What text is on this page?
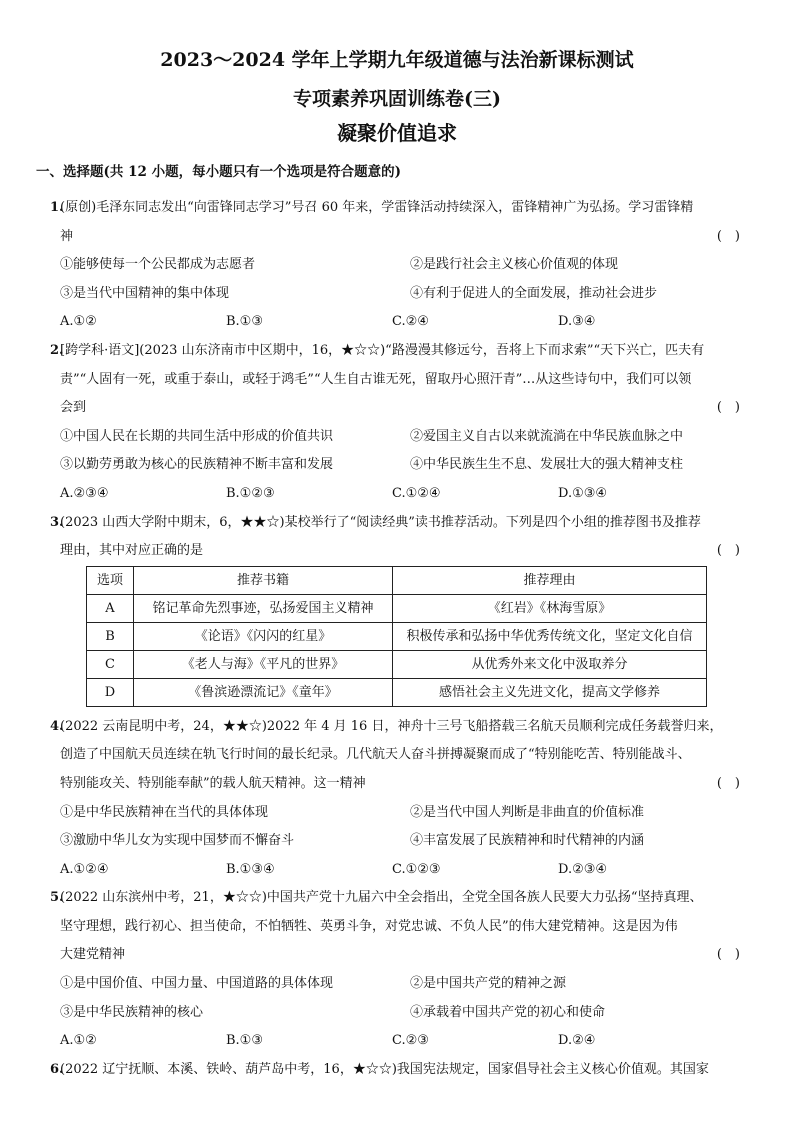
2023～2024 学年上学期九年级道德与法治新课标测试
专项素养巩固训练卷(三)
凝聚价值追求
一、选择题(共 12 小题，每小题只有一个选项是符合题意的)
1.
(原创)毛泽东同志发出“向雷锋同志学习”号召 60 年来，学雷锋活动持续深入，雷锋精神广为弘扬。学习雷锋精
神	(　)
①能够使每一个公民都成为志愿者	②是践行社会主义核心价值观的体现
③是当代中国精神的集中体现	④有利于促进人的全面发展，推动社会进步
A.①②	B.①③	C.②④	D.③④
2.
[跨学科·语文](2023 山东济南市中区期中，16，★☆☆)“路漫漫其修远兮，吾将上下而求索”“天下兴亡，匹夫有
责”“人固有一死，或重于泰山，或轻于鸿毛”“人生自古谁无死，留取丹心照汗青”…从这些诗句中，我们可以领
会到	(　)
①中国人民在长期的共同生活中形成的价值共识	②爱国主义自古以来就流淌在中华民族血脉之中
③以勤劳勇敢为核心的民族精神不断丰富和发展	④中华民族生生不息、发展壮大的强大精神支柱
A.②③④	B.①②③	C.①②④	D.①③④
3.
(2023 山西大学附中期末，6，★★☆)某校举行了“阅读经典”读书推荐活动。下列是四个小组的推荐图书及推荐
理由，其中对应正确的是	(　)
选项	推荐书籍	推荐理由
A	铭记革命先烈事迹，弘扬爱国主义精神	《红岩》《林海雪原》
B	《论语》《闪闪的红星》	积极传承和弘扬中华优秀传统文化，坚定文化自信
C	《老人与海》《平凡的世界》	从优秀外来文化中汲取养分
D	《鲁滨逊漂流记》《童年》	感悟社会主义先进文化，提高文学修养
4.
(2022 云南昆明中考，24，★★☆)2022 年 4 月 16 日，神舟十三号飞船搭载三名航天员顺利完成任务载誉归来，
创造了中国航天员连续在轨飞行时间的最长纪录。几代航天人奋斗拼搏凝聚而成了“特别能吃苦、特别能战斗、
特别能攻关、特别能奉献”的载人航天精神。这一精神	(　)
①是中华民族精神在当代的具体体现	②是当代中国人判断是非曲直的价值标准
③激励中华儿女为实现中国梦而不懈奋斗	④丰富发展了民族精神和时代精神的内涵
A.①②④	B.①③④	C.①②③	D.②③④
5.
(2022 山东滨州中考，21，★☆☆)中国共产党十九届六中全会指出，全党全国各族人民要大力弘扬“坚持真理、
坚守理想，践行初心、担当使命，不怕牺牲、英勇斗争，对党忠诚、不负人民”的伟大建党精神。这是因为伟
大建党精神	(　)
①是中国价值、中国力量、中国道路的具体体现	②是中国共产党的精神之源
③是中华民族精神的核心	④承载着中国共产党的初心和使命
A.①②	B.①③	C.②③	D.②④
6.
(2022 辽宁抚顺、本溪、铁岭、葫芦岛中考，16，★☆☆)我国宪法规定，国家倡导社会主义核心价值观。其国家
